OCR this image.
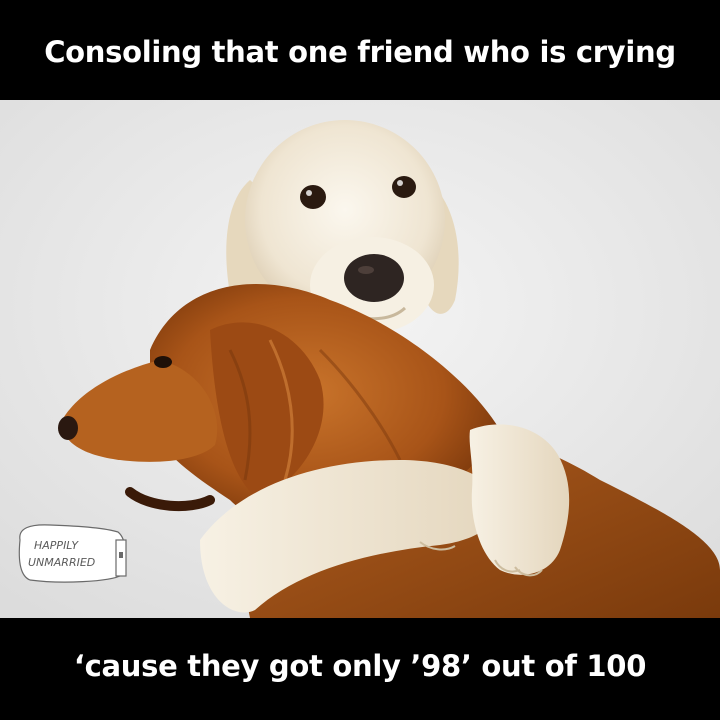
Consoling that one friend who is crying
HAPPILY
UNMARRIED
‘cause they got only ’98’ out of 100
